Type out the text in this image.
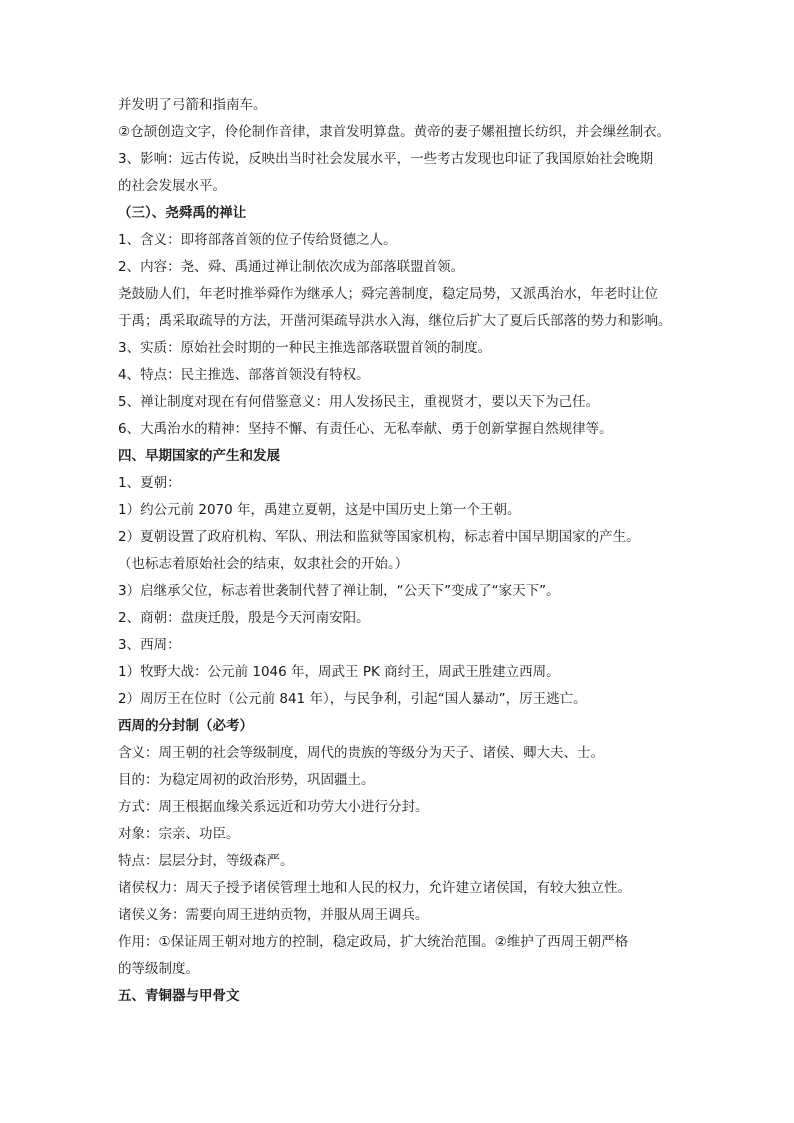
并发明了弓箭和指南车。
②仓颉创造文字，伶伦制作音律，隶首发明算盘。黄帝的妻子嫘祖擅长纺织，并会缫丝制衣。
3、影响：远古传说，反映出当时社会发展水平，一些考古发现也印证了我国原始社会晚期
的社会发展水平。
（三）、尧舜禹的禅让
1、含义：即将部落首领的位子传给贤德之人。
2、内容：尧、舜、禹通过禅让制依次成为部落联盟首领。
尧鼓励人们，年老时推举舜作为继承人；舜完善制度，稳定局势，又派禹治水，年老时让位
于禹；禹采取疏导的方法，开凿河渠疏导洪水入海，继位后扩大了夏后氏部落的势力和影响。
3、实质：原始社会时期的一种民主推选部落联盟首领的制度。
4、特点：民主推选、部落首领没有特权。
5、禅让制度对现在有何借鉴意义：用人发扬民主，重视贤才，要以天下为己任。
6、大禹治水的精神：坚持不懈、有责任心、无私奉献、勇于创新掌握自然规律等。
四、早期国家的产生和发展
1、夏朝：
1）约公元前 2070 年，禹建立夏朝，这是中国历史上第一个王朝。
2）夏朝设置了政府机构、军队、刑法和监狱等国家机构，标志着中国早期国家的产生。
（也标志着原始社会的结束，奴隶社会的开始。）
3）启继承父位，标志着世袭制代替了禅让制，“公天下”变成了“家天下”。
2、商朝：盘庚迁殷，殷是今天河南安阳。
3、西周：
1）牧野大战：公元前 1046 年，周武王 PK 商纣王，周武王胜建立西周。
2）周厉王在位时（公元前 841 年），与民争利，引起“国人暴动”，厉王逃亡。
西周的分封制（必考）
含义：周王朝的社会等级制度，周代的贵族的等级分为天子、诸侯、卿大夫、士。
目的：为稳定周初的政治形势，巩固疆土。
方式：周王根据血缘关系远近和功劳大小进行分封。
对象：宗亲、功臣。
特点：层层分封，等级森严。
诸侯权力：周天子授予诸侯管理土地和人民的权力，允许建立诸侯国，有较大独立性。
诸侯义务：需要向周王进纳贡物，并服从周王调兵。
作用：①保证周王朝对地方的控制，稳定政局，扩大统治范围。②维护了西周王朝严格
的等级制度。
五、青铜器与甲骨文
